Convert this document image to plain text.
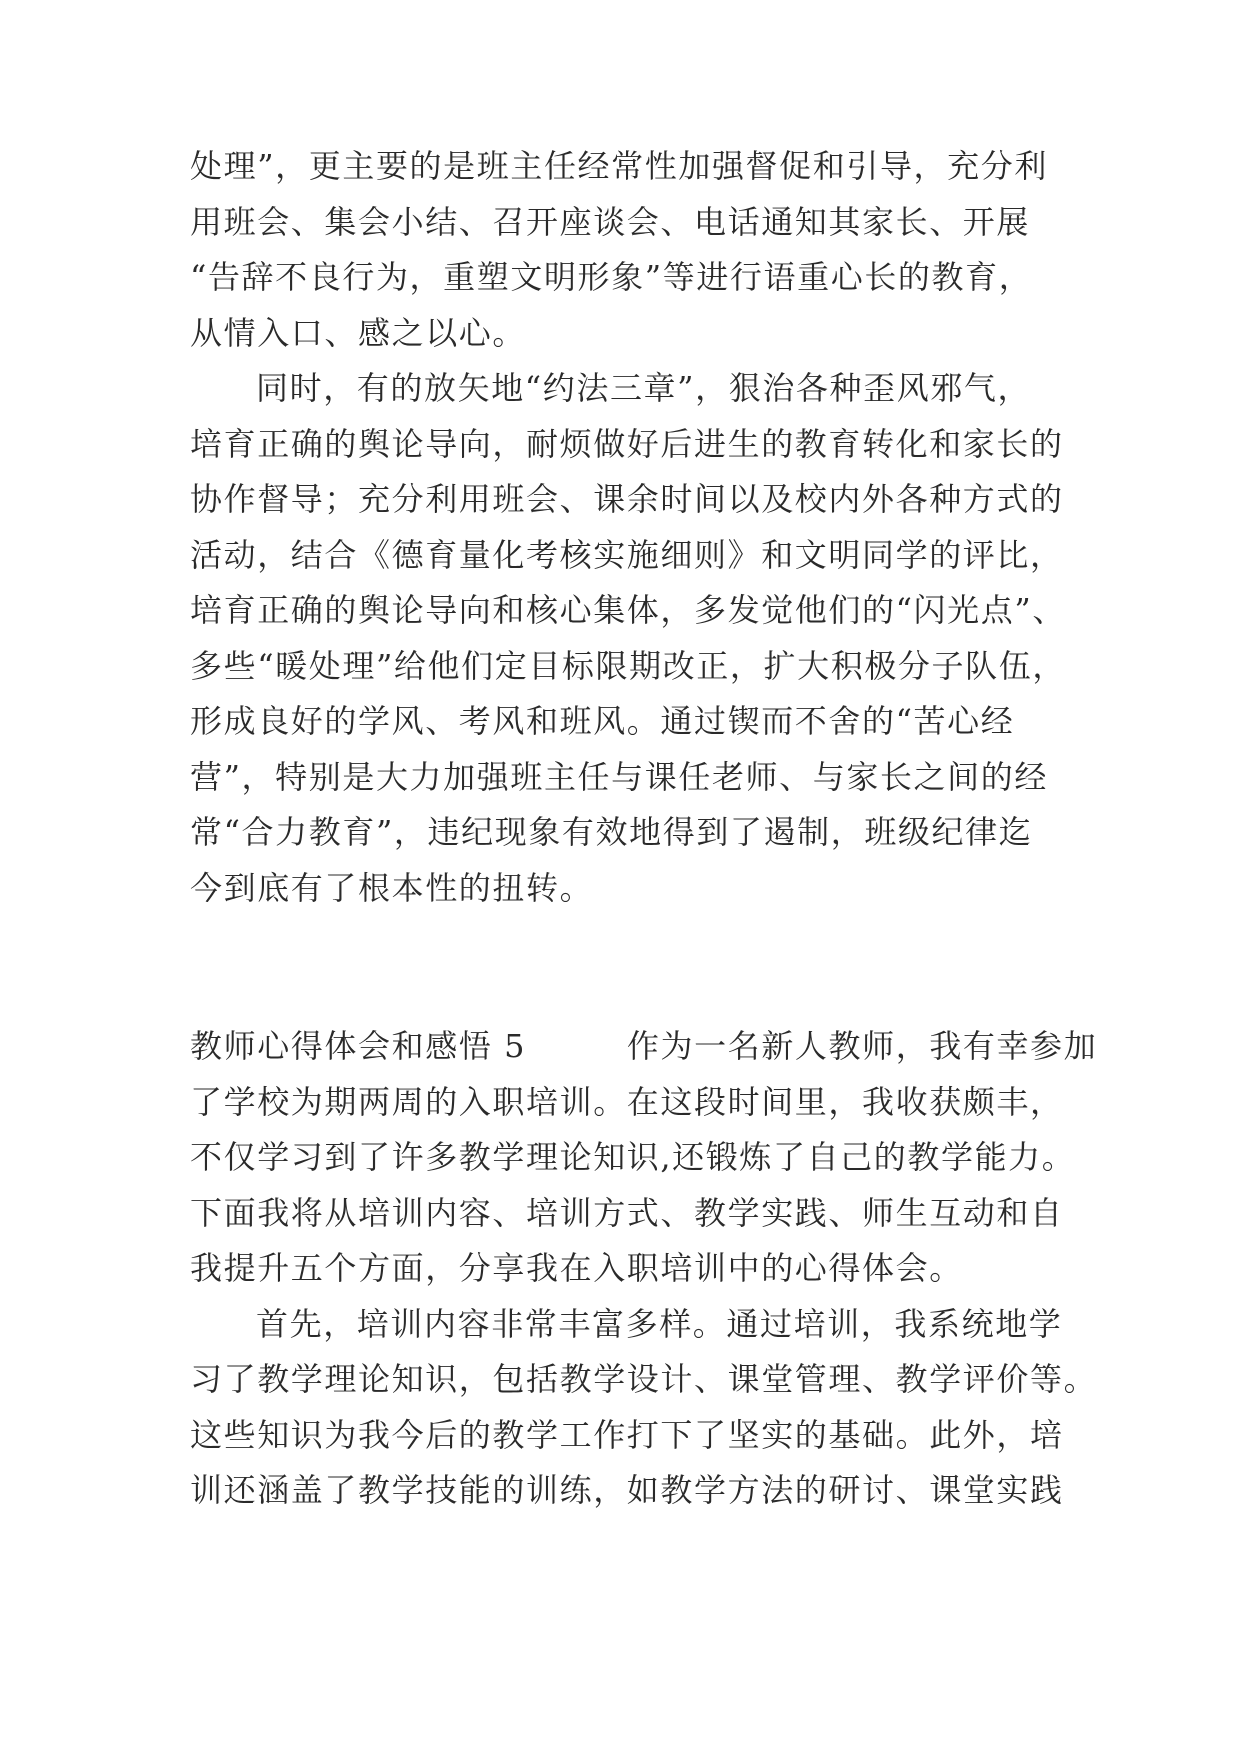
处理”，更主要的是班主任经常性加强督促和引导，充分利
用班会、集会小结、召开座谈会、电话通知其家长、开展
“告辞不良行为，重塑文明形象”等进行语重心长的教育，
从情入口、感之以心。
同时，有的放矢地“约法三章”，狠治各种歪风邪气，
培育正确的舆论导向，耐烦做好后进生的教育转化和家长的
协作督导；充分利用班会、课余时间以及校内外各种方式的
活动，结合《德育量化考核实施细则》和文明同学的评比，
培育正确的舆论导向和核心集体，多发觉他们的“闪光点”、
多些“暖处理”给他们定目标限期改正，扩大积极分子队伍，
形成良好的学风、考风和班风。通过锲而不舍的“苦心经
营”，特别是大力加强班主任与课任老师、与家长之间的经
常“合力教育”，违纪现象有效地得到了遏制，班级纪律迄
今到底有了根本性的扭转。
教师心得体会和感悟 5　　　作为一名新人教师，我有幸参加
了学校为期两周的入职培训。在这段时间里，我收获颇丰，
不仅学习到了许多教学理论知识,还锻炼了自己的教学能力。
下面我将从培训内容、培训方式、教学实践、师生互动和自
我提升五个方面，分享我在入职培训中的心得体会。
首先，培训内容非常丰富多样。通过培训，我系统地学
习了教学理论知识，包括教学设计、课堂管理、教学评价等。
这些知识为我今后的教学工作打下了坚实的基础。此外，培
训还涵盖了教学技能的训练，如教学方法的研讨、课堂实践
